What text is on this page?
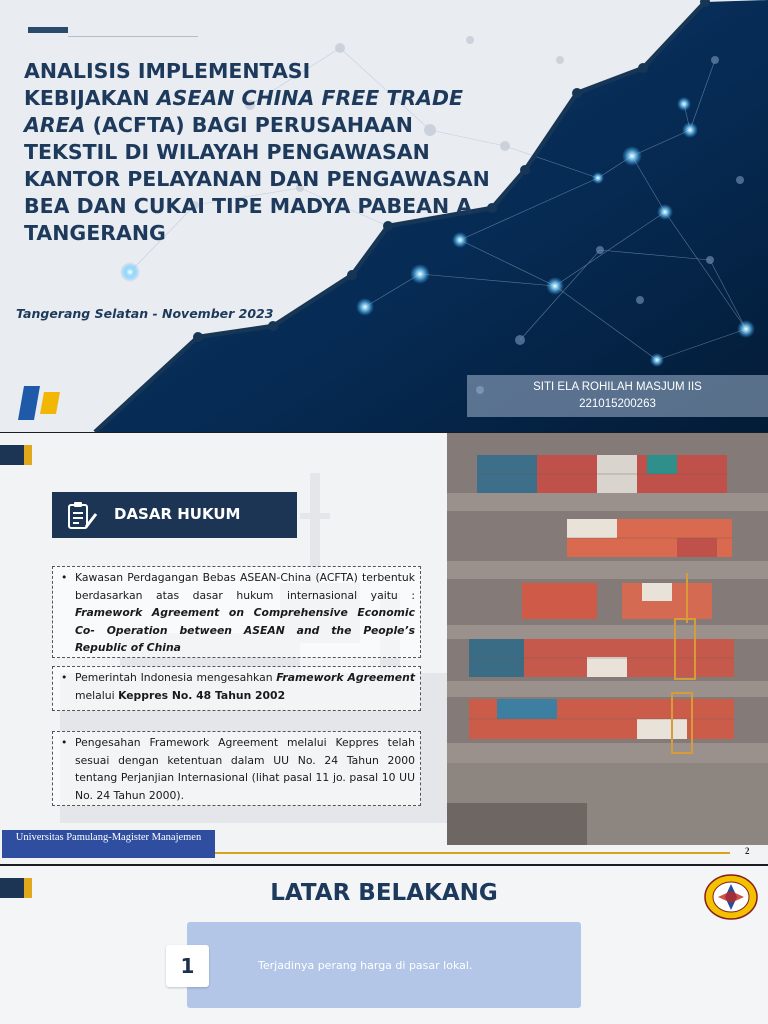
ANALISIS IMPLEMENTASI
KEBIJAKAN ASEAN CHINA FREE TRADE
AREA (ACFTA) BAGI PERUSAHAAN
TEKSTIL DI WILAYAH PENGAWASAN
KANTOR PELAYANAN DAN PENGAWASAN
BEA DAN CUKAI TIPE MADYA PABEAN A
TANGERANG
Tangerang Selatan - November 2023
SITI ELA ROHILAH MASJUM IIS
221015200263
DASAR HUKUM
• Kawasan Perdagangan Bebas ASEAN-China (ACFTA) terbentuk berdasarkan atas dasar hukum internasional yaitu : Framework Agreement on Comprehensive Economic Co- Operation between ASEAN and the People’s Republic of China
• Pemerintah Indonesia mengesahkan Framework Agreement melalui Keppres No. 48 Tahun 2002
• Pengesahan Framework Agreement melalui Keppres telah sesuai dengan ketentuan dalam UU No. 24 Tahun 2000 tentang Perjanjian Internasional (lihat pasal 11 jo. pasal 10 UU No. 24 Tahun 2000).
Universitas Pamulang-Magister Manajemen
2
LATAR BELAKANG
1	Terjadinya perang harga di pasar lokal.
